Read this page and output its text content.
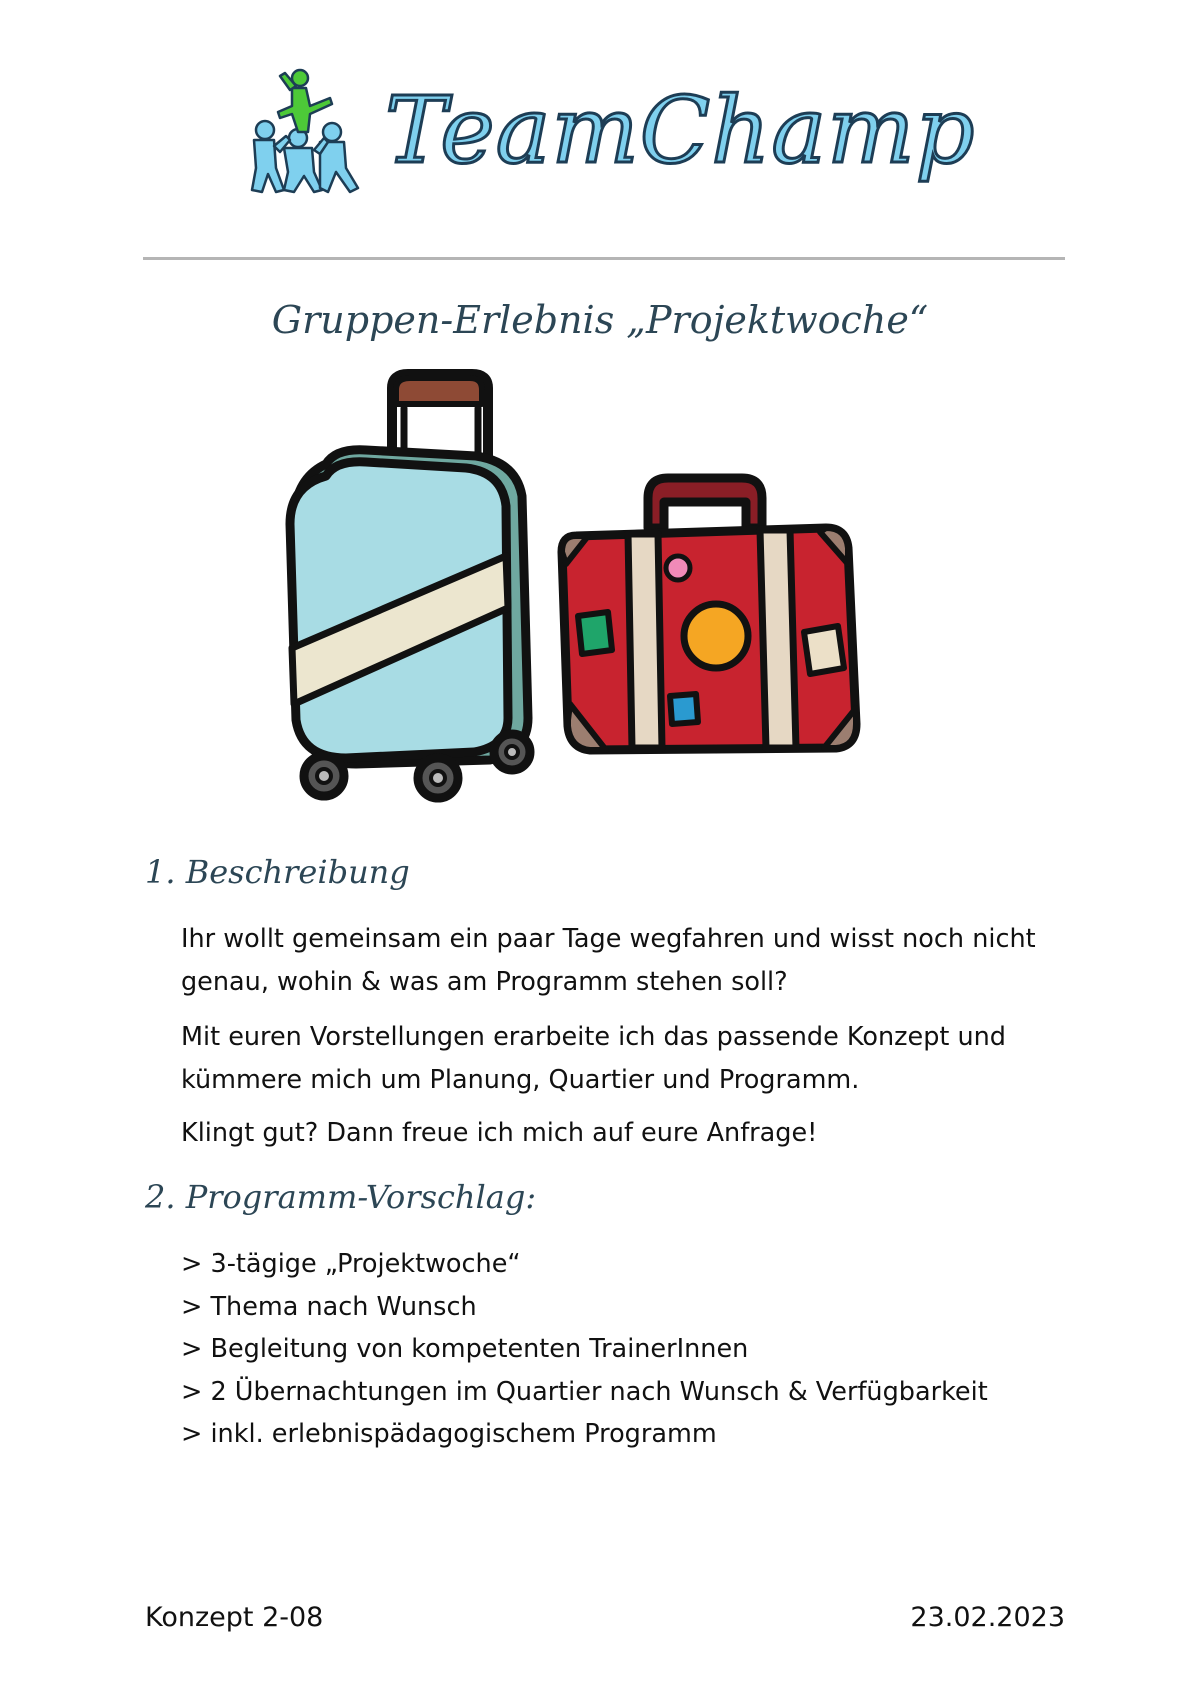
TeamChamp
Gruppen-Erlebnis „Projektwoche“
1. Beschreibung
Ihr wollt gemeinsam ein paar Tage wegfahren und wisst noch nicht genau, wohin & was am Programm stehen soll?
Mit euren Vorstellungen erarbeite ich das passende Konzept und kümmere mich um Planung, Quartier und Programm.
Klingt gut? Dann freue ich mich auf eure Anfrage!
2. Programm-Vorschlag:
> 3-tägige „Projektwoche“
> Thema nach Wunsch
> Begleitung von kompetenten TrainerInnen
> 2 Übernachtungen im Quartier nach Wunsch & Verfügbarkeit
> inkl. erlebnispädagogischem Programm
Konzept 2-08	23.02.2023
